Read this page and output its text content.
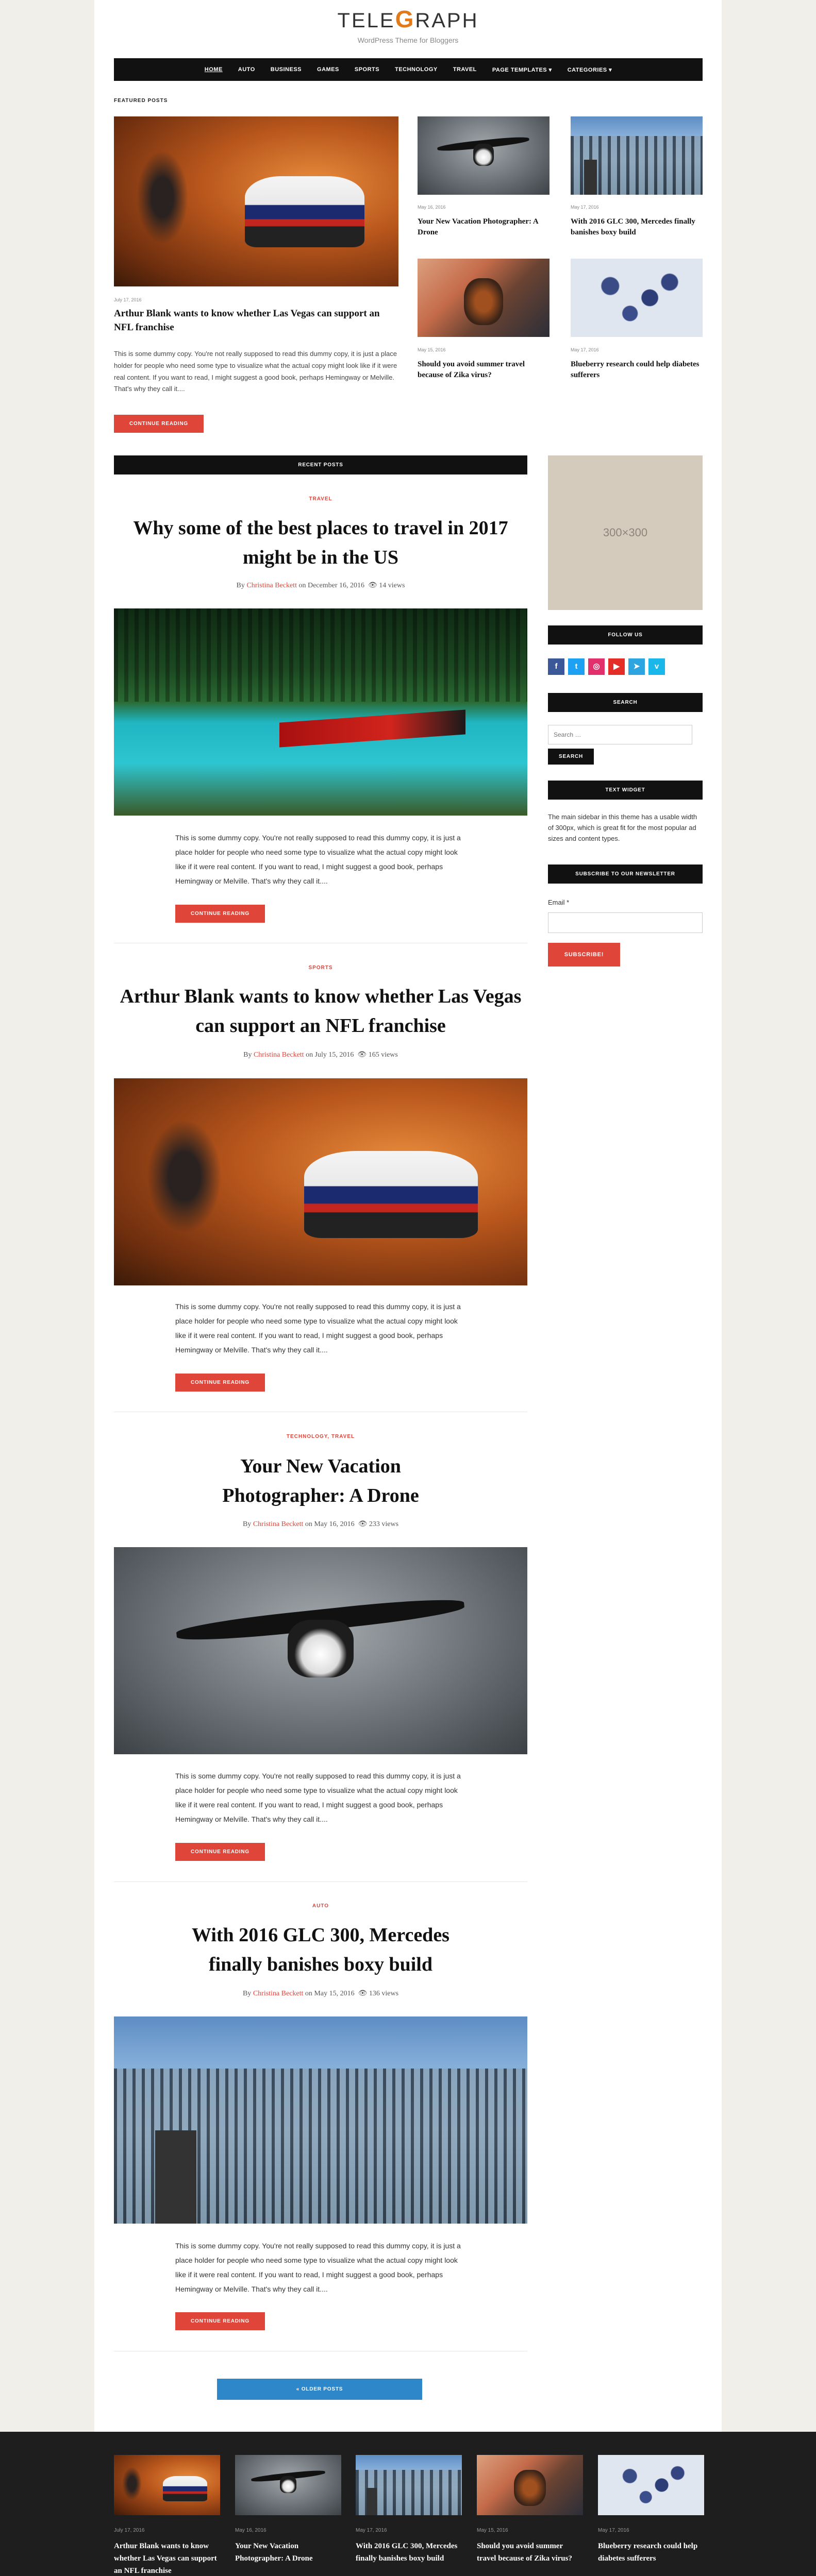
TELEGRAPH
WordPress Theme for Bloggers
HOME	AUTO	BUSINESS	GAMES	SPORTS	TECHNOLOGY	TRAVEL	PAGE TEMPLATES ▾	CATEGORIES ▾
FEATURED POSTS
July 17, 2016
Arthur Blank wants to know whether Las Vegas can support an NFL franchise
This is some dummy copy. You're not really supposed to read this dummy copy, it is just a place holder for people who need some type to visualize what the actual copy might look like if it were real content. If you want to read, I might suggest a good book, perhaps Hemingway or Melville. That's why they call it....
CONTINUE READING
May 16, 2016
Your New Vacation Photographer: A Drone
May 17, 2016
With 2016 GLC 300, Mercedes finally banishes boxy build
May 15, 2016
Should you avoid summer travel because of Zika virus?
May 17, 2016
Blueberry research could help diabetes sufferers
RECENT POSTS
TRAVEL
Why some of the best places to travel in 2017 might be in the US
By Christina Beckett on December 16, 2016 👁 14 views
This is some dummy copy. You're not really supposed to read this dummy copy, it is just a place holder for people who need some type to visualize what the actual copy might look like if it were real content. If you want to read, I might suggest a good book, perhaps Hemingway or Melville. That's why they call it....
CONTINUE READING
SPORTS
Arthur Blank wants to know whether Las Vegas can support an NFL franchise
By Christina Beckett on July 15, 2016 👁 165 views
This is some dummy copy. You're not really supposed to read this dummy copy, it is just a place holder for people who need some type to visualize what the actual copy might look like if it were real content. If you want to read, I might suggest a good book, perhaps Hemingway or Melville. That's why they call it....
CONTINUE READING
TECHNOLOGY, TRAVEL
Your New Vacation Photographer: A Drone
By Christina Beckett on May 16, 2016 👁 233 views
This is some dummy copy. You're not really supposed to read this dummy copy, it is just a place holder for people who need some type to visualize what the actual copy might look like if it were real content. If you want to read, I might suggest a good book, perhaps Hemingway or Melville. That's why they call it....
CONTINUE READING
AUTO
With 2016 GLC 300, Mercedes finally banishes boxy build
By Christina Beckett on May 15, 2016 👁 136 views
This is some dummy copy. You're not really supposed to read this dummy copy, it is just a place holder for people who need some type to visualize what the actual copy might look like if it were real content. If you want to read, I might suggest a good book, perhaps Hemingway or Melville. That's why they call it....
CONTINUE READING
« OLDER POSTS
300×300
FOLLOW US
f	t	◎	▶	➤	v
SEARCH
Search …
SEARCH
TEXT WIDGET
The main sidebar in this theme has a usable width of 300px, which is great fit for the most popular ad sizes and content types.
SUBSCRIBE TO OUR NEWSLETTER
Email *
SUBSCRIBE!
July 17, 2016
Arthur Blank wants to know whether Las Vegas can support an NFL franchise
May 16, 2016
Your New Vacation Photographer: A Drone
May 17, 2016
With 2016 GLC 300, Mercedes finally banishes boxy build
May 15, 2016
Should you avoid summer travel because of Zika virus?
May 17, 2016
Blueberry research could help diabetes sufferers
